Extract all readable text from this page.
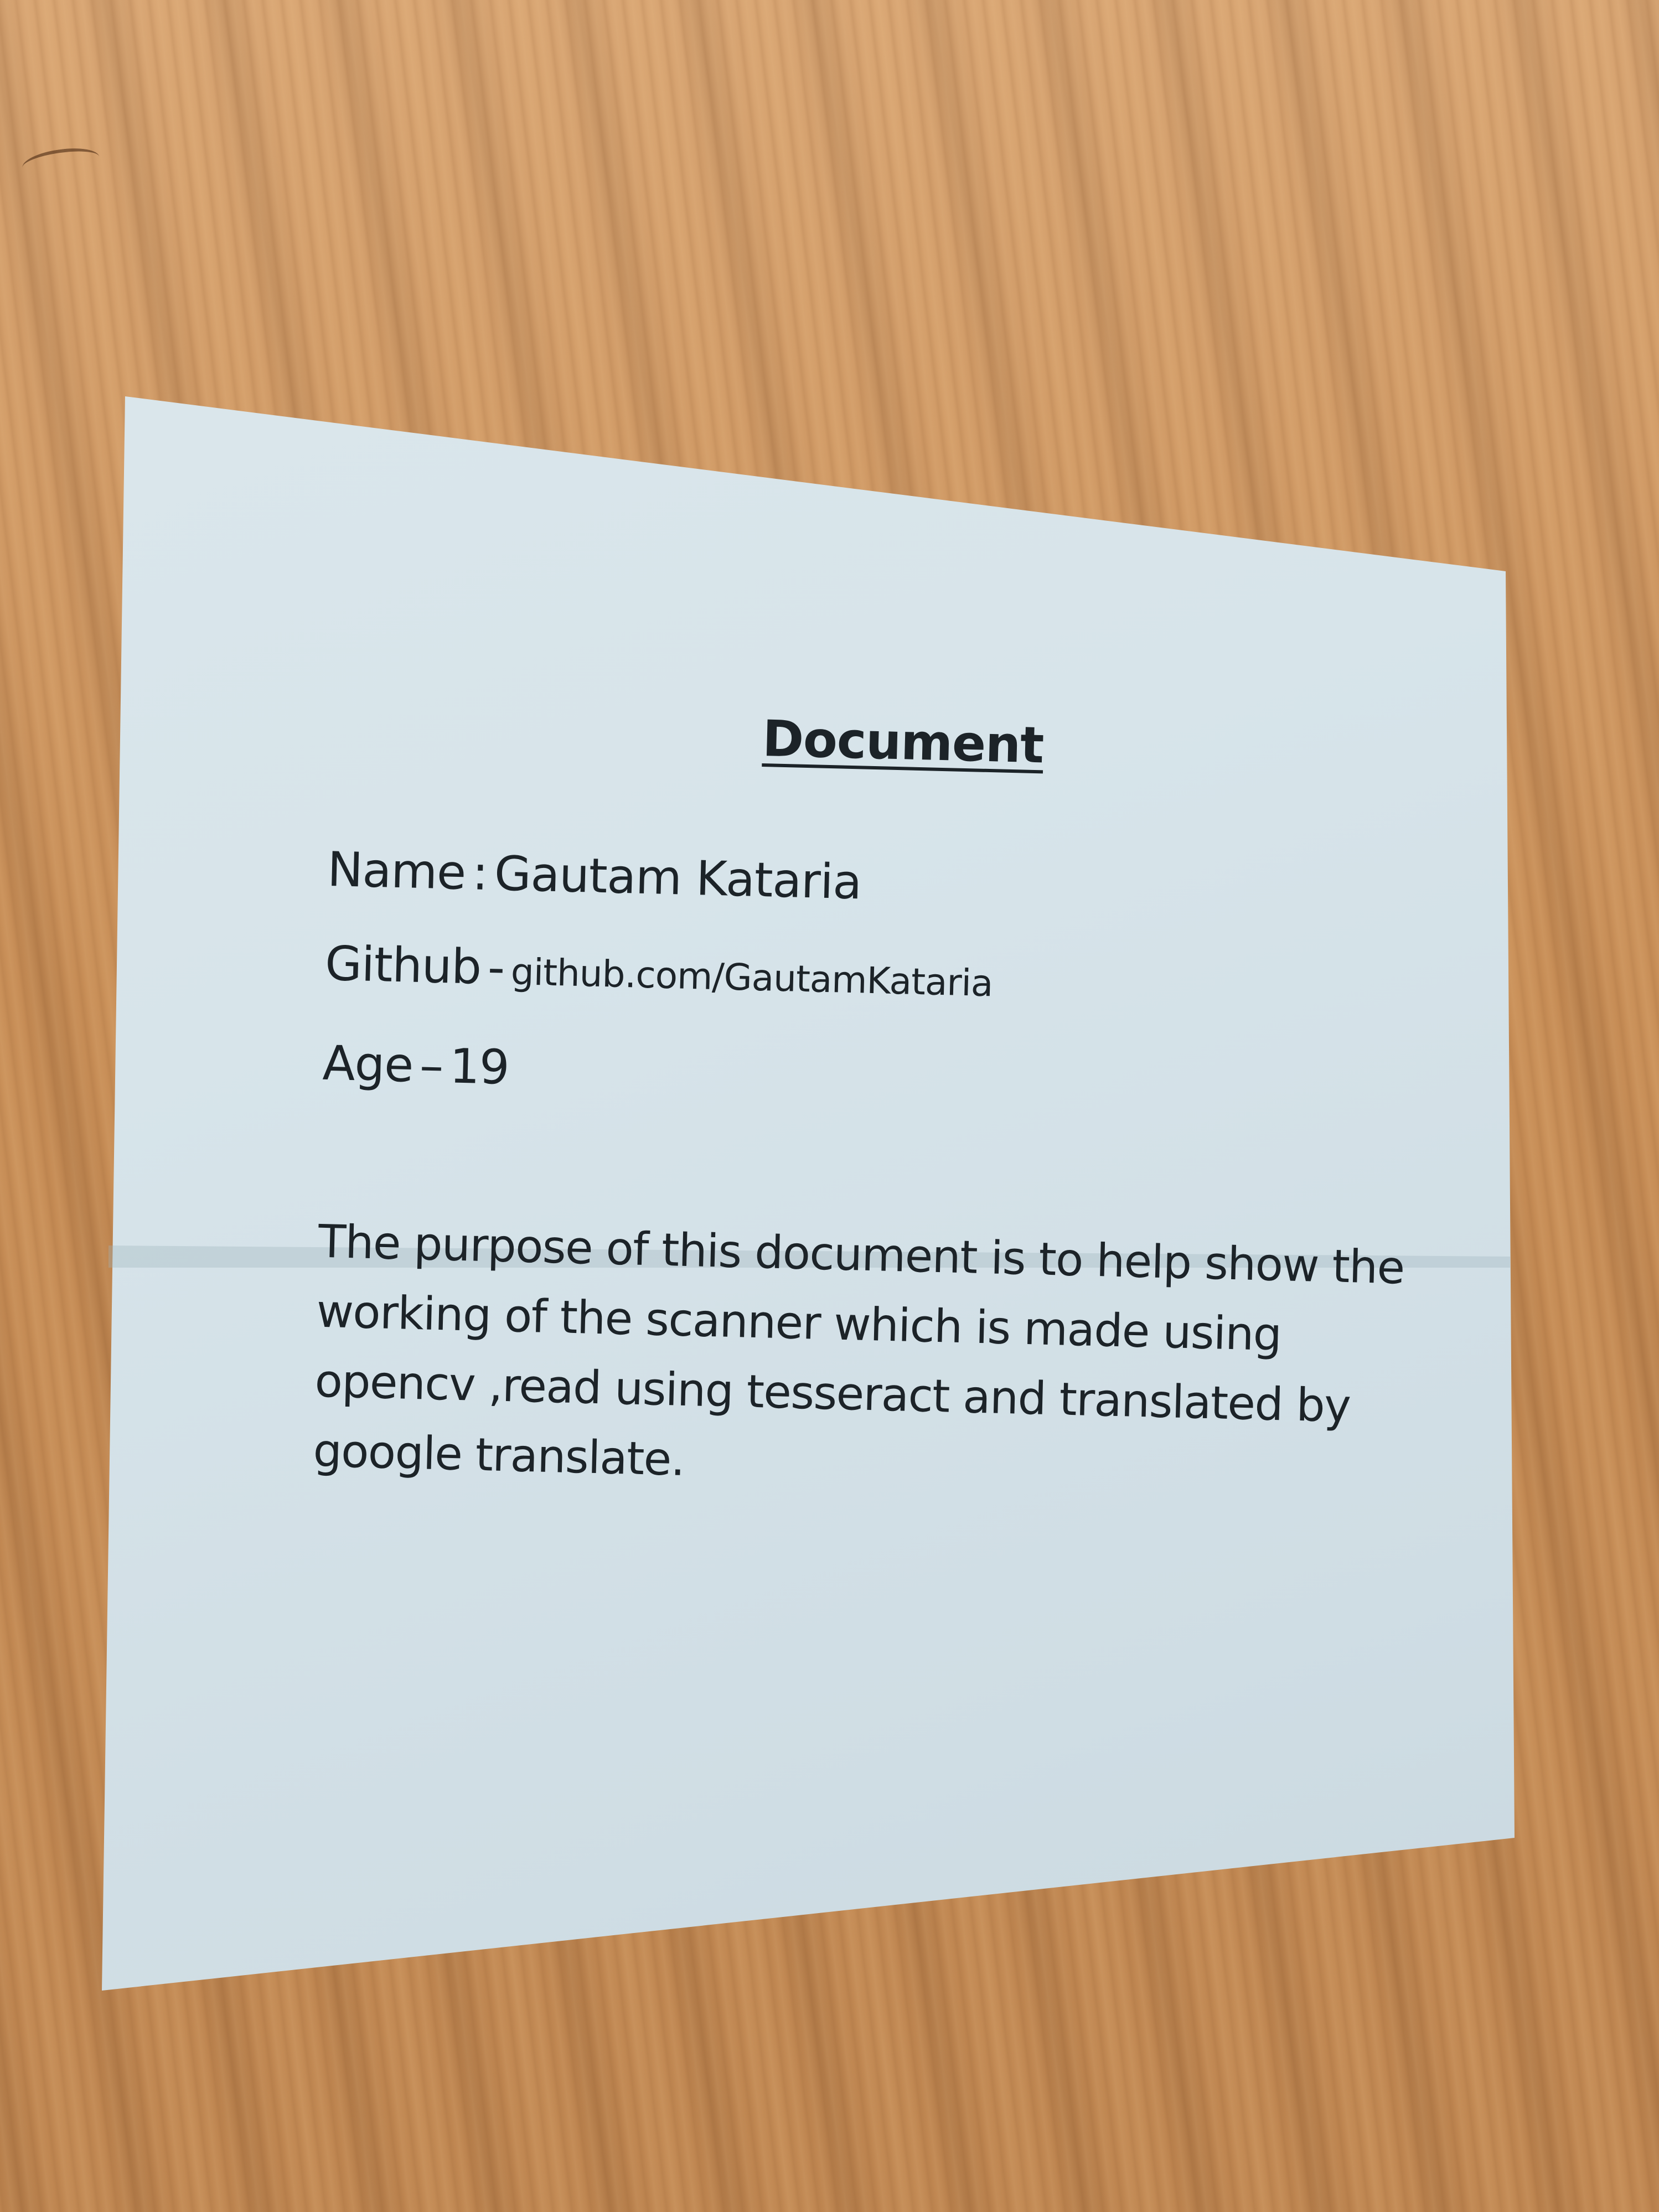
Document
Name : Gautam Kataria
Github - github.com/GautamKataria
Age – 19
The purpose of this document is to help show the
working of the scanner which is made using
opencv ,read using tesseract and translated by
google translate.
